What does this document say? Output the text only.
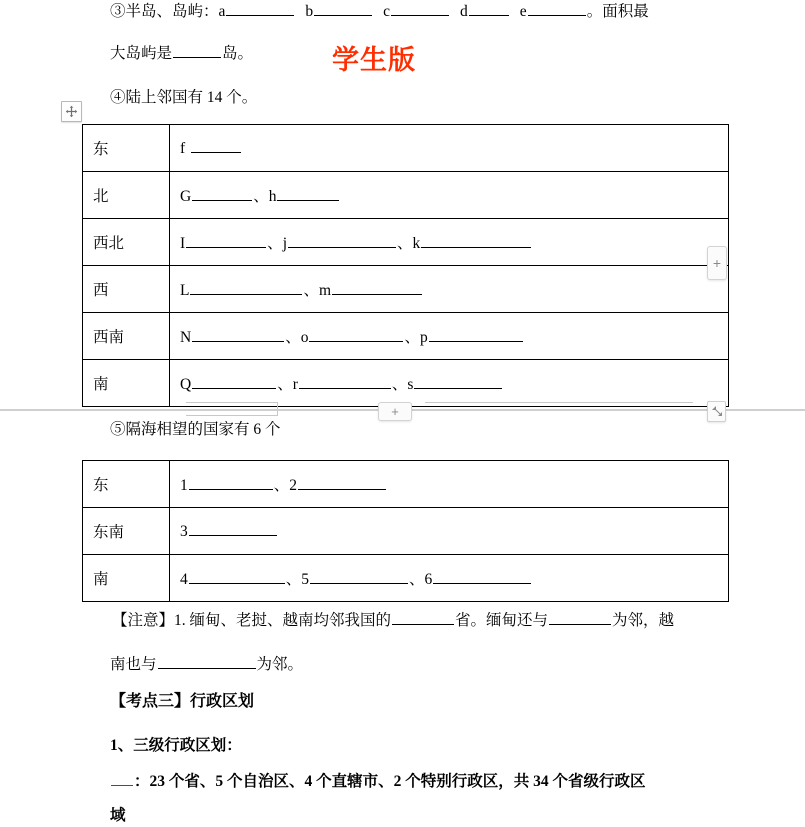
③半岛、岛屿：a	b	c	d	e	。面积最
大岛屿是	岛。	学生版
④陆上邻国有 14 个。
东	f
北	G 、h
西北	I 、j 、k
西	L 、m
西南	N 、o 、p
南	Q 、r 、s
+
+
⑤隔海相望的国家有 6 个
东	1 、2
东南	3
南	4 、5 、6
【注意】1. 缅甸、老挝、越南均邻我国的	省。缅甸还与	为邻，越
南也与	为邻。
【考点三】行政区划
1、三级行政区划：
：23 个省、5 个自治区、4 个直辖市、2 个特别行政区，共 34 个省级行政区
域
